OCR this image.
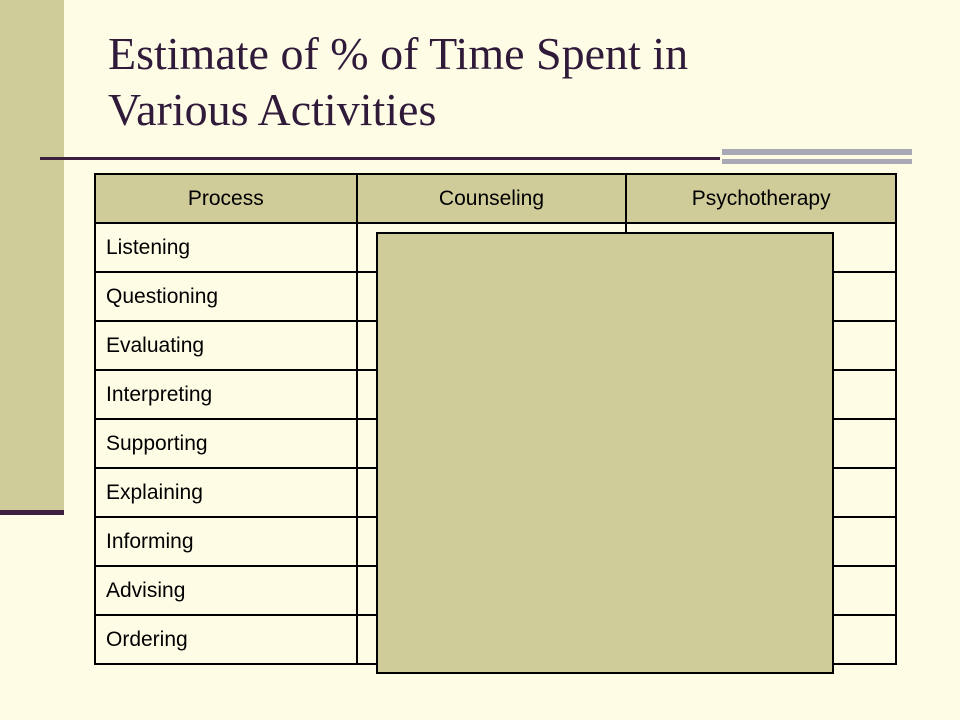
Estimate of % of Time Spent in
Various Activities
Process	Counseling	Psychotherapy
Listening		
Questioning		
Evaluating		
Interpreting		
Supporting		
Explaining		
Informing		
Advising		
Ordering		
